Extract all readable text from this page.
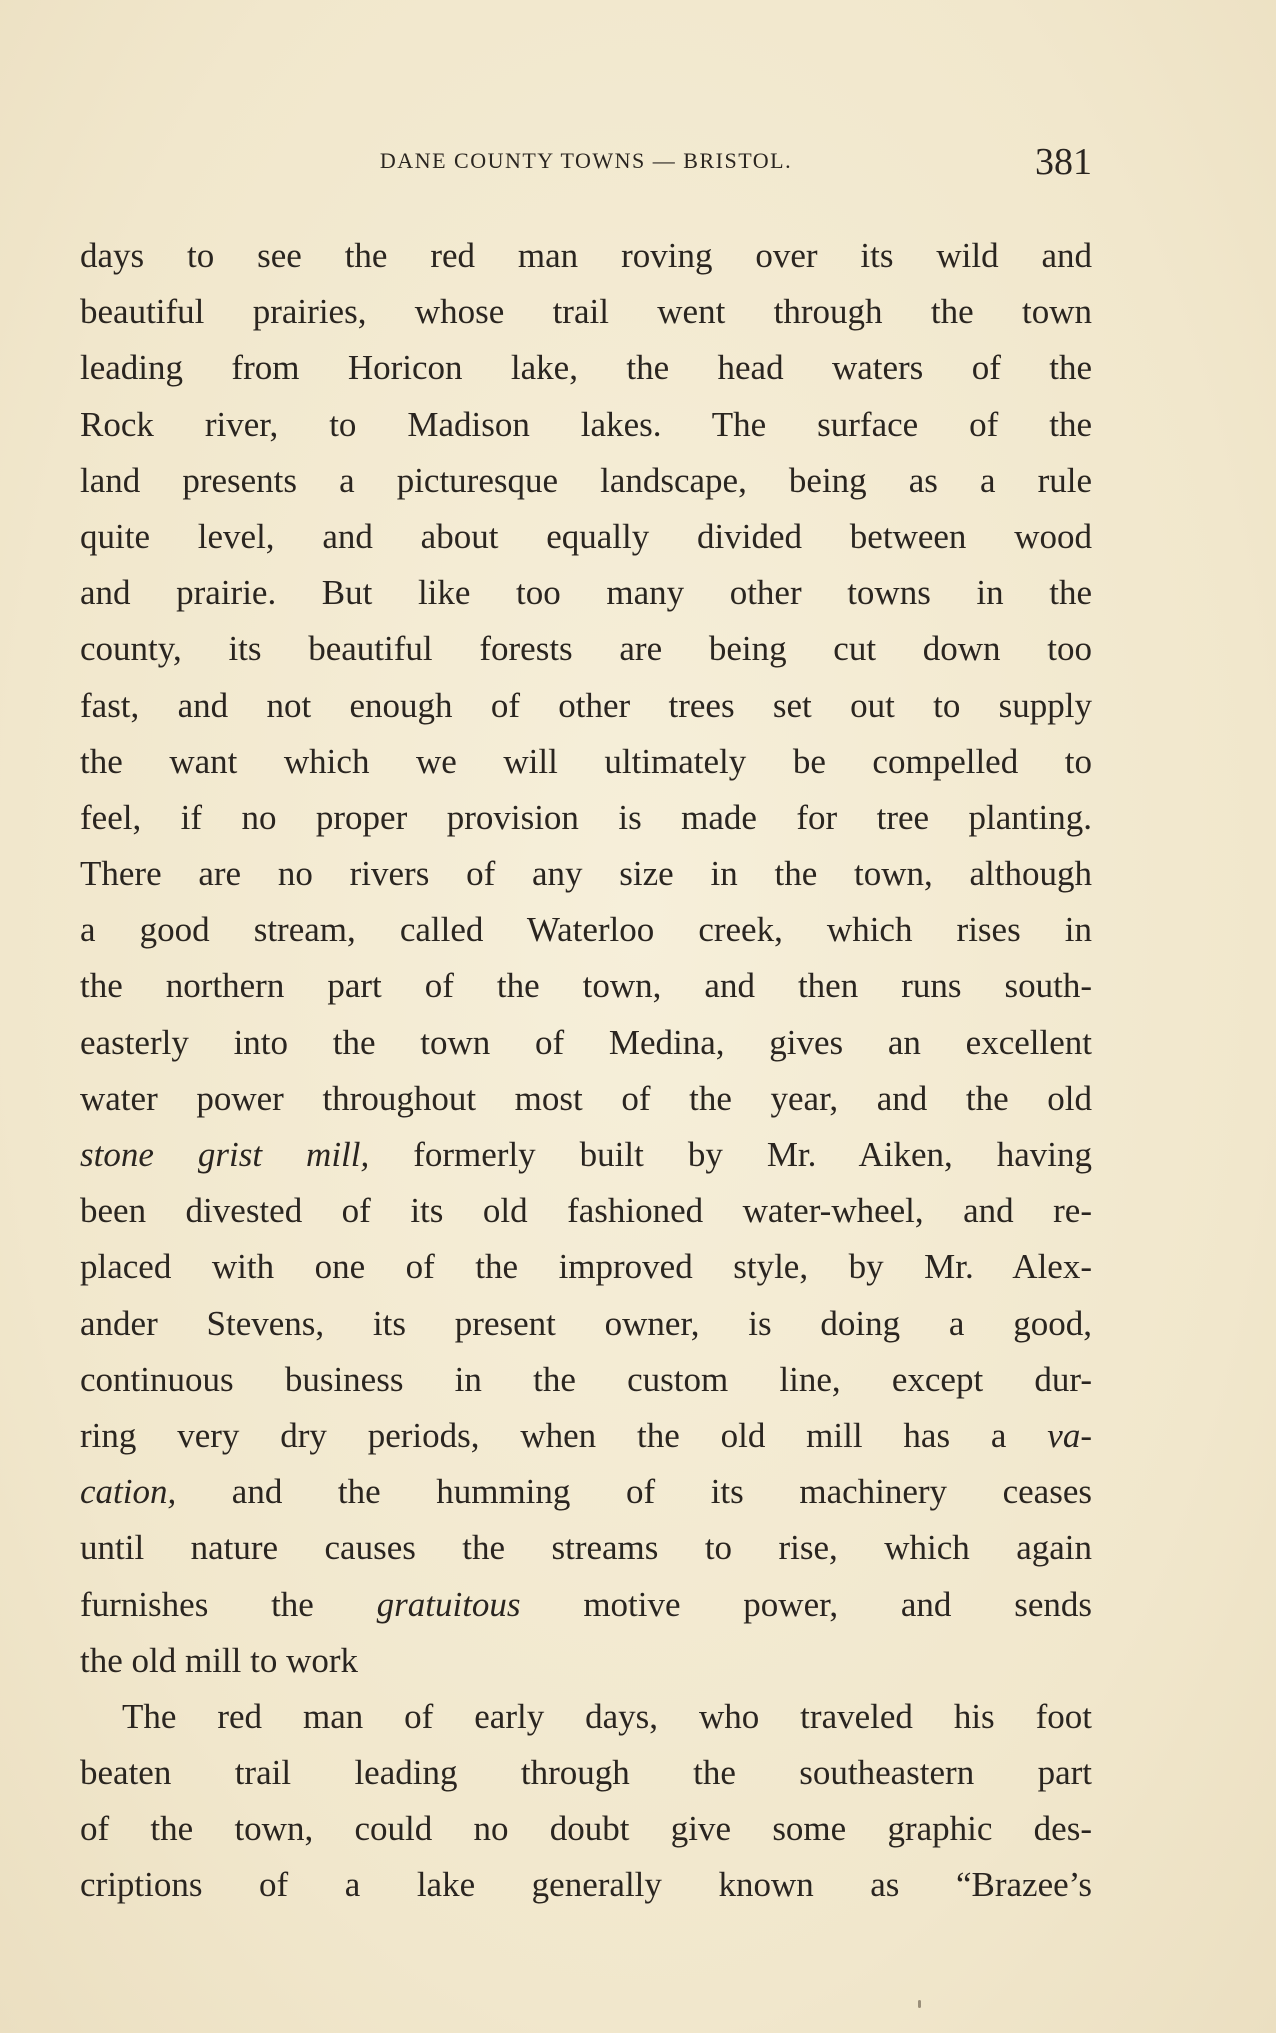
DANE COUNTY TOWNS — BRISTOL.	381
days to see the red man roving over its wild and
beautiful prairies, whose trail went through the town
leading from Horicon lake, the head waters of the
Rock river, to Madison lakes. The surface of the
land presents a picturesque landscape, being as a rule
quite level, and about equally divided between wood
and prairie. But like too many other towns in the
county, its beautiful forests are being cut down too
fast, and not enough of other trees set out to supply
the want which we will ultimately be compelled to
feel, if no proper provision is made for tree planting.
There are no rivers of any size in the town, although
a good stream, called Waterloo creek, which rises in
the northern part of the town, and then runs south-
easterly into the town of Medina, gives an excellent
water power throughout most of the year, and the old
stone grist mill, formerly built by Mr. Aiken, having
been divested of its old fashioned water-wheel, and re-
placed with one of the improved style, by Mr. Alex-
ander Stevens, its present owner, is doing a good,
continuous business in the custom line, except dur-
ring very dry periods, when the old mill has a va-
cation, and the humming of its machinery ceases
until nature causes the streams to rise, which again
furnishes the gratuitous motive power, and sends
the old mill to work
The red man of early days, who traveled his foot
beaten trail leading through the southeastern part
of the town, could no doubt give some graphic des-
criptions of a lake generally known as “Brazee’s
